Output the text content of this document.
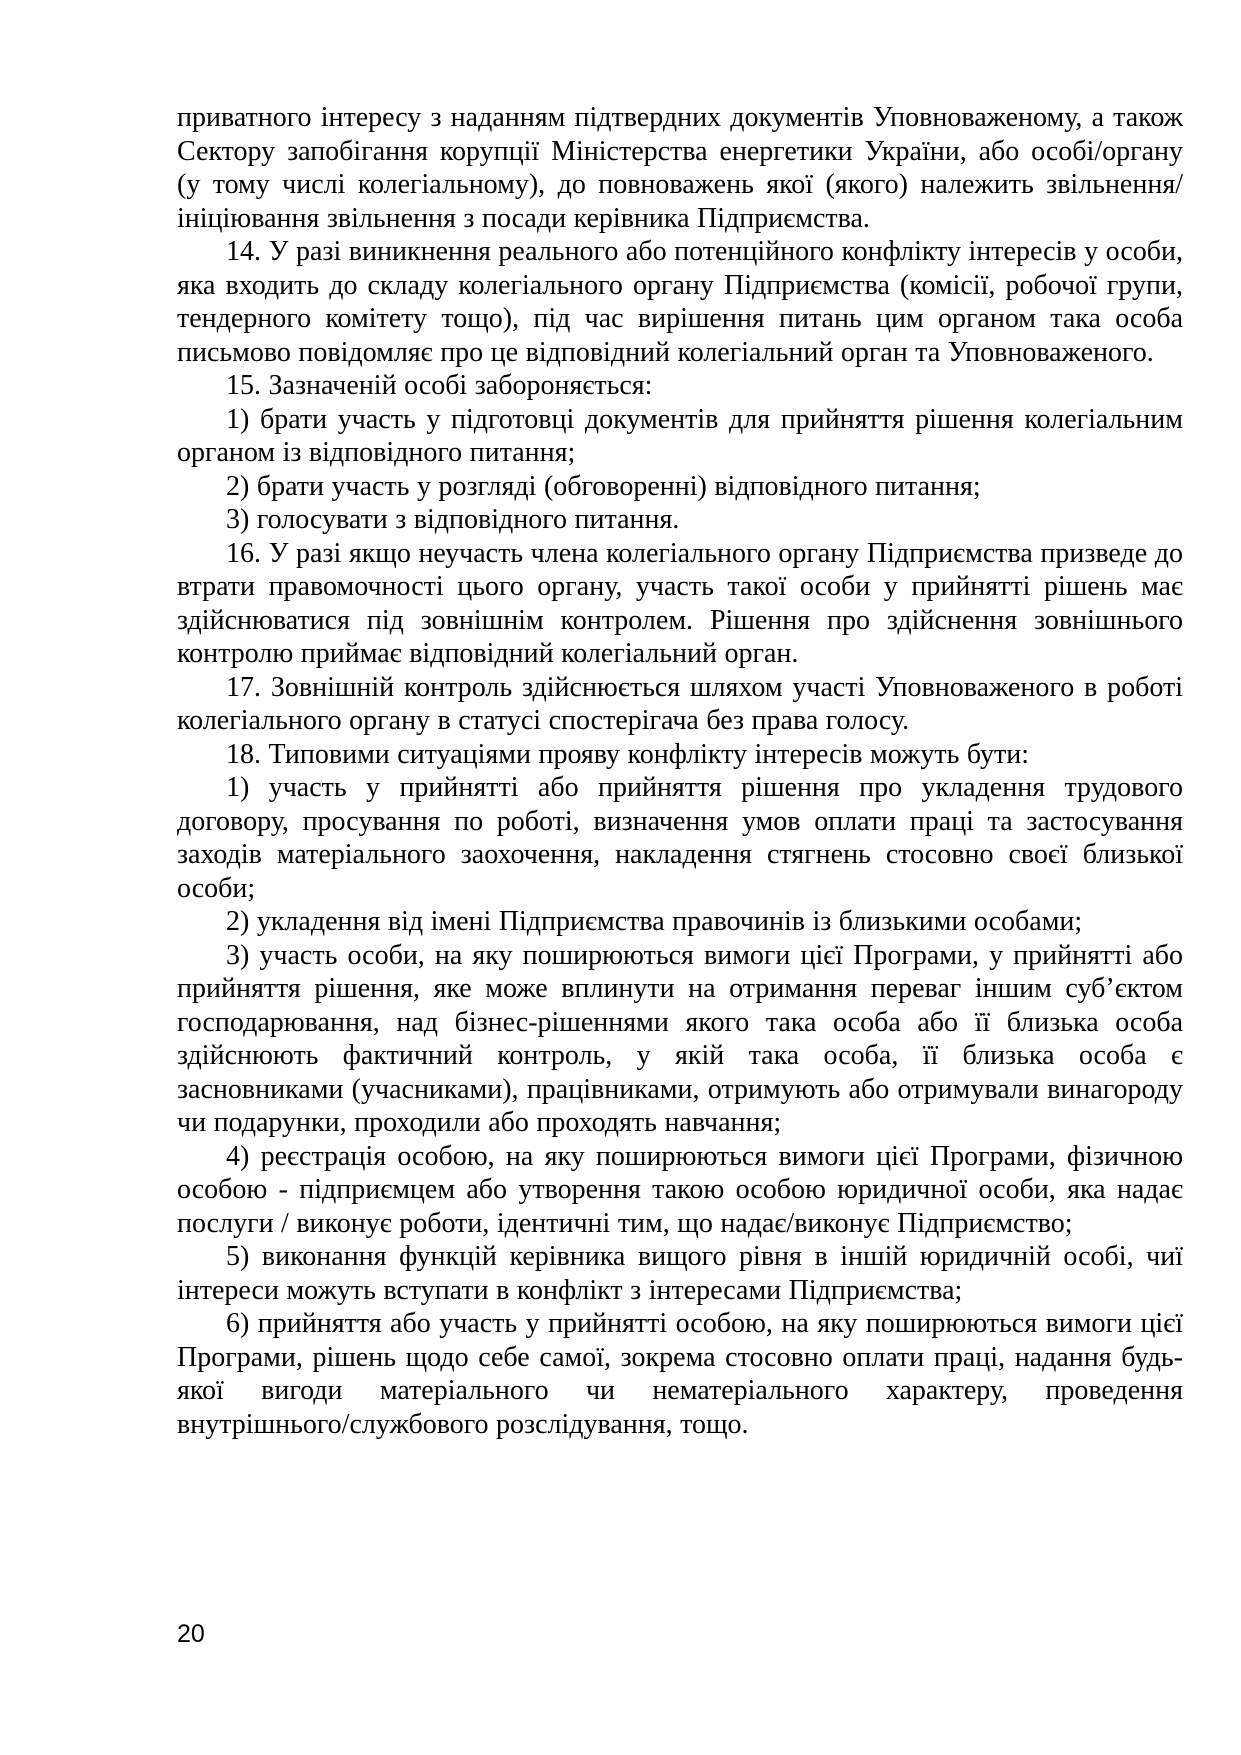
приватного інтересу з наданням підтвердних документів Уповноваженому, а також Сектору запобігання корупції Міністерства енергетики України, або особі/органу (у тому числі колегіальному), до повноважень якої (якого) належить звільнення/ініціювання звільнення з посади керівника Підприємства.

14. У разі виникнення реального або потенційного конфлікту інтересів у особи, яка входить до складу колегіального органу Підприємства (комісії, робочої групи, тендерного комітету тощо), під час вирішення питань цим органом така особа письмово повідомляє про це відповідний колегіальний орган та Уповноваженого.

15. Зазначеній особі забороняється:

1) брати участь у підготовці документів для прийняття рішення колегіальним органом із відповідного питання;

2) брати участь у розгляді (обговоренні) відповідного питання;

3) голосувати з відповідного питання.

16. У разі якщо неучасть члена колегіального органу Підприємства призведе до втрати правомочності цього органу, участь такої особи у прийнятті рішень має здійснюватися під зовнішнім контролем. Рішення про здійснення зовнішнього контролю приймає відповідний колегіальний орган.

17. Зовнішній контроль здійснюється шляхом участі Уповноваженого в роботі колегіального органу в статусі спостерігача без права голосу.

18. Типовими ситуаціями прояву конфлікту інтересів можуть бути:

1) участь у прийнятті або прийняття рішення про укладення трудового договору, просування по роботі, визначення умов оплати праці та застосування заходів матеріального заохочення, накладення стягнень стосовно своєї близької особи;

2) укладення від імені Підприємства правочинів із близькими особами;

3) участь особи, на яку поширюються вимоги цієї Програми, у прийнятті або прийняття рішення, яке може вплинути на отримання переваг іншим суб’єктом господарювання, над бізнес-рішеннями якого така особа або її близька особа здійснюють фактичний контроль, у якій така особа, її близька особа є засновниками (учасниками), працівниками, отримують або отримували винагороду чи подарунки, проходили або проходять навчання;

4) реєстрація особою, на яку поширюються вимоги цієї Програми, фізичною особою - підприємцем або утворення такою особою юридичної особи, яка надає послуги / виконує роботи, ідентичні тим, що надає/виконує Підприємство;

5) виконання функцій керівника вищого рівня в іншій юридичній особі, чиї інтереси можуть вступати в конфлікт з інтересами Підприємства;

6) прийняття або участь у прийнятті особою, на яку поширюються вимоги цієї Програми, рішень щодо себе самої, зокрема стосовно оплати праці, надання будь-якої вигоди матеріального чи нематеріального характеру, проведення внутрішнього/службового розслідування, тощо.

20
